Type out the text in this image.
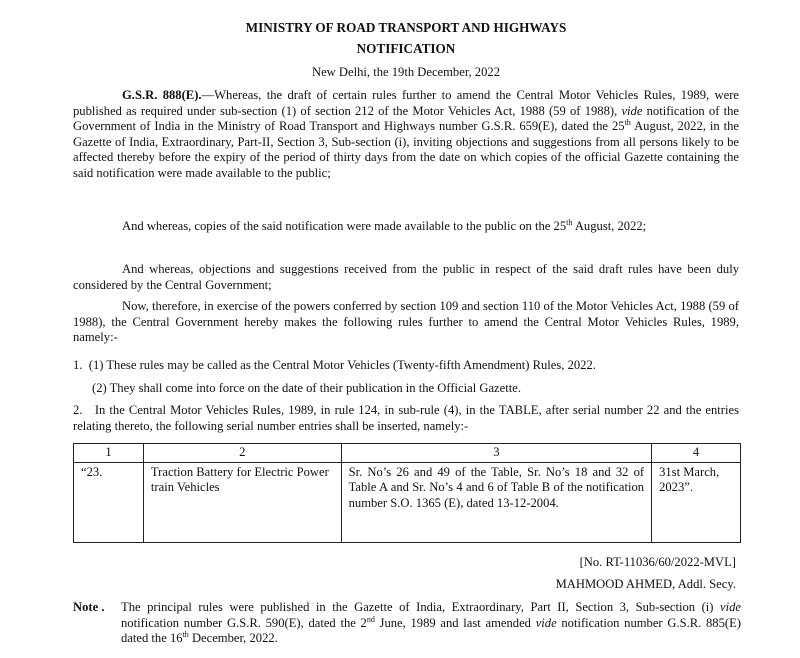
MINISTRY OF ROAD TRANSPORT AND HIGHWAYS
NOTIFICATION
New Delhi, the 19th December, 2022
G.S.R. 888(E).—Whereas, the draft of certain rules further to amend the Central Motor Vehicles Rules, 1989, were published as required under sub-section (1) of section 212 of the Motor Vehicles Act, 1988 (59 of 1988), vide notification of the Government of India in the Ministry of Road Transport and Highways number G.S.R. 659(E), dated the 25th August, 2022, in the Gazette of India, Extraordinary, Part-II, Section 3, Sub-section (i), inviting objections and suggestions from all persons likely to be affected thereby before the expiry of the period of thirty days from the date on which copies of the official Gazette containing the said notification were made available to the public;
And whereas, copies of the said notification were made available to the public on the 25th August, 2022;
And whereas, objections and suggestions received from the public in respect of the said draft rules have been duly considered by the Central Government;
Now, therefore, in exercise of the powers conferred by section 109 and section 110 of the Motor Vehicles Act, 1988 (59 of 1988), the Central Government hereby makes the following rules further to amend the Central Motor Vehicles Rules, 1989, namely:-
1. (1) These rules may be called as the Central Motor Vehicles (Twenty-fifth Amendment) Rules, 2022.
(2) They shall come into force on the date of their publication in the Official Gazette.
2. In the Central Motor Vehicles Rules, 1989, in rule 124, in sub-rule (4), in the TABLE, after serial number 22 and the entries relating thereto, the following serial number entries shall be inserted, namely:-
1	2	3	4
“23.	Traction Battery for Electric Power train Vehicles	Sr. No’s 26 and 49 of the Table, Sr. No’s 18 and 32 of Table A and Sr. No’s 4 and 6 of Table B of the notification number S.O. 1365 (E), dated 13-12-2004.	31st March, 2023”.
[No. RT-11036/60/2022-MVL]
MAHMOOD AHMED, Addl. Secy.
Note . The principal rules were published in the Gazette of India, Extraordinary, Part II, Section 3, Sub-section (i) vide notification number G.S.R. 590(E), dated the 2nd June, 1989 and last amended vide notification number G.S.R. 885(E) dated the 16th December, 2022.
